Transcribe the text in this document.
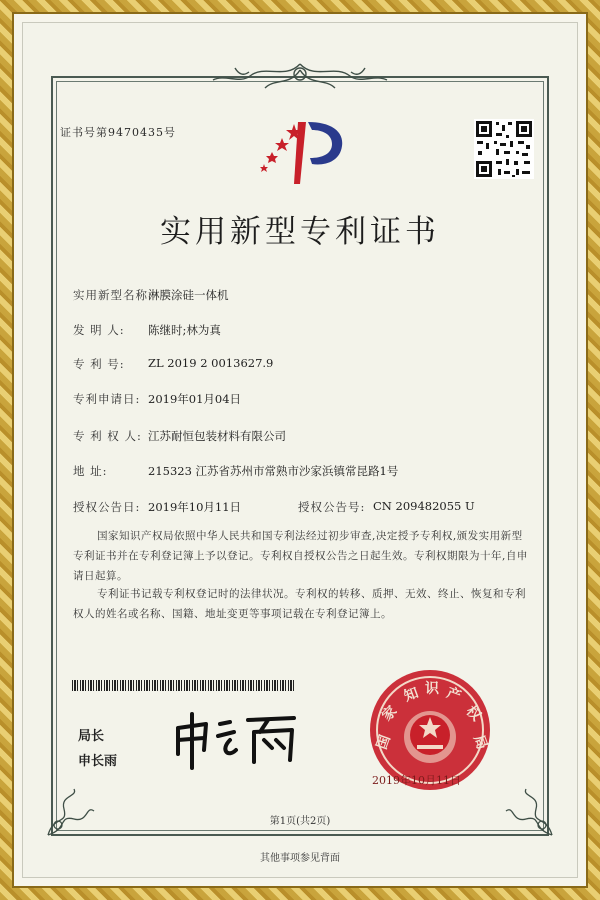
证书号第9470435号
实用新型专利证书
实用新型名称:
淋膜涂硅一体机
发 明 人: 陈继时;林为真
专 利 号: ZL 2019 2 0013627.9
专利申请日: 2019年01月04日
专 利 权 人: 江苏耐恒包装材料有限公司
地 址:	215323 江苏省苏州市常熟市沙家浜镇常昆路1号
授权公告日: 2019年10月11日	授权公告号: CN 209482055 U
国家知识产权局依照中华人民共和国专利法经过初步审查,决定授予专利权,颁发实用新型专利证书并在专利登记簿上予以登记。专利权自授权公告之日起生效。专利权期限为十年,自申请日起算。
专利证书记载专利权登记时的法律状况。专利权的转移、质押、无效、终止、恢复和专利权人的姓名或名称、国籍、地址变更等事项记载在专利登记簿上。
局长
申长雨
国
家
知 识 产
权
局
2019年10月11日
第1页(共2页)
其他事项参见背面
